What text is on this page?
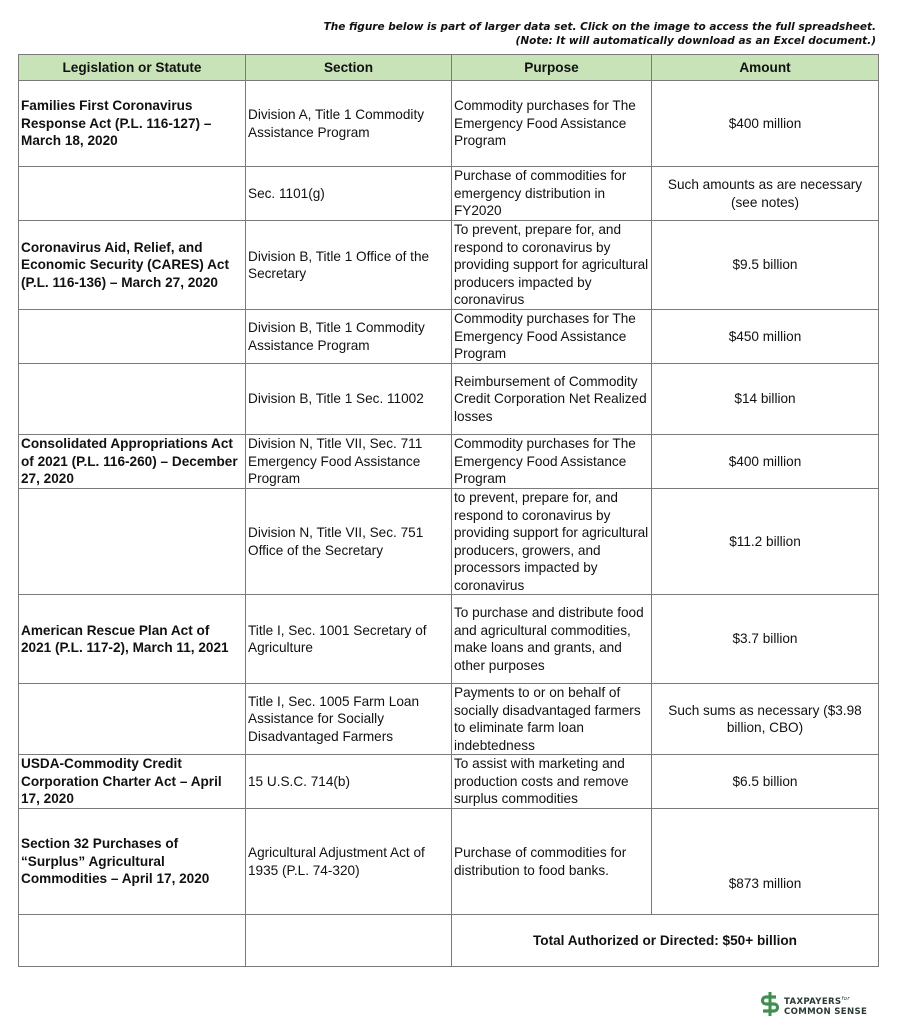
The figure below is part of larger data set. Click on the image to access the full spreadsheet.
(Note: It will automatically download as an Excel document.)
Legislation or Statute	Section	Purpose	Amount
Families First Coronavirus Response Act (P.L. 116-127) – March 18, 2020	Division A, Title 1 Commodity Assistance Program	Commodity purchases for The Emergency Food Assistance Program	$400 million
	Sec. 1101(g)	Purchase of commodities for emergency distribution in FY2020	Such amounts as are necessary (see notes)
Coronavirus Aid, Relief, and Economic Security (CARES) Act (P.L. 116-136) – March 27, 2020	Division B, Title 1 Office of the Secretary	To prevent, prepare for, and respond to coronavirus by providing support for agricultural producers impacted by coronavirus	$9.5 billion
	Division B, Title 1 Commodity Assistance Program	Commodity purchases for The Emergency Food Assistance Program	$450 million
	Division B, Title 1 Sec. 11002	Reimbursement of Commodity Credit Corporation Net Realized losses	$14 billion
Consolidated Appropriations Act of 2021 (P.L. 116-260) – December 27, 2020	Division N, Title VII, Sec. 711 Emergency Food Assistance Program	Commodity purchases for The Emergency Food Assistance Program	$400 million
	Division N, Title VII, Sec. 751 Office of the Secretary	to prevent, prepare for, and respond to coronavirus by providing support for agricultural producers, growers, and processors impacted by coronavirus	$11.2 billion
American Rescue Plan Act of 2021 (P.L. 117-2), March 11, 2021	Title I, Sec. 1001 Secretary of Agriculture	To purchase and distribute food and agricultural commodities, make loans and grants, and other purposes	$3.7 billion
	Title I, Sec. 1005 Farm Loan Assistance for Socially Disadvantaged Farmers	Payments to or on behalf of socially disadvantaged farmers to eliminate farm loan indebtedness	Such sums as necessary ($3.98 billion, CBO)
USDA-Commodity Credit Corporation Charter Act – April 17, 2020	15 U.S.C. 714(b)	To assist with marketing and production costs and remove surplus commodities	$6.5 billion
Section 32 Purchases of “Surplus” Agricultural Commodities – April 17, 2020	Agricultural Adjustment Act of 1935 (P.L. 74-320)	Purchase of commodities for distribution to food banks.	$873 million
		Total Authorized or Directed: $50+ billion	
$TAXPAYERS^{for}$
COMMON SENSE
